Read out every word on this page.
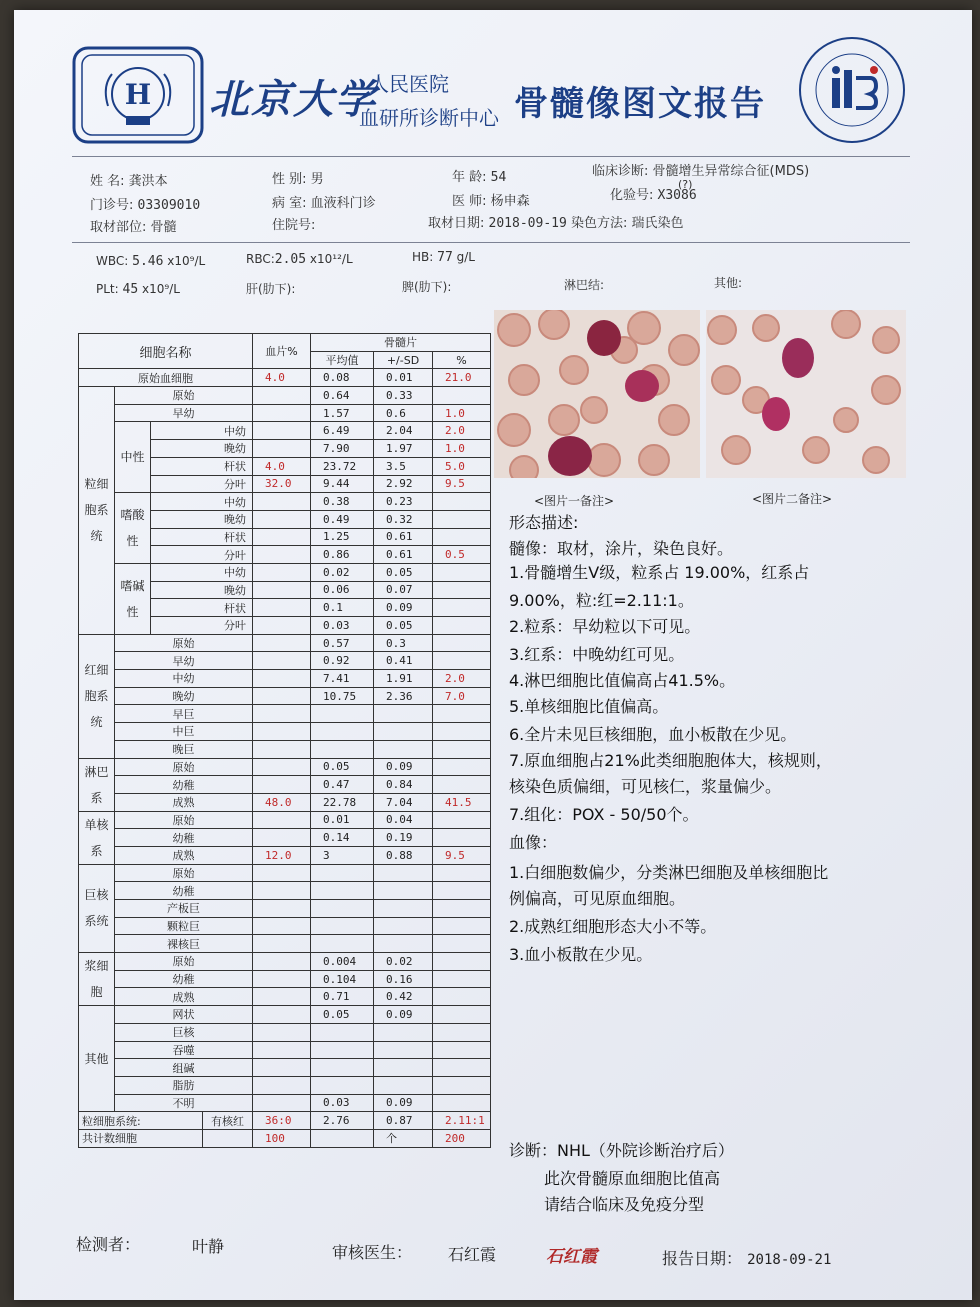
H 北京大学
人民医院
血研所诊断中心 骨髓像图文报告
姓 名: 龚洪本	性 别: 男	年 龄: 54	临床诊断: 骨髓增生异常综合征(MDS)
(?)
门诊号: 03309010	病 室: 血液科门诊	医 师: 杨申森	化验号: X3086
取材部位: 骨髓	住院号:	取材日期: 2018-09-19 染色方法: 瑞氏染色
WBC: 5.46 x10⁹/L	RBC:2.05 x10¹²/L	HB: 77 g/L
PLt: 45 x10⁹/L	肝(肋下):	脾(肋下):	淋巴结:	其他:
细胞名称				血片%	骨髓片		
					平均值	+/-SD	%
原始血细胞				4.0	0.08	0.01	21.0
粒细胞系统	原始				0.64	0.33	
	早幼				1.57	0.6	1.0
	中性	中幼			6.49	2.04	2.0
		晚幼			7.90	1.97	1.0
		杆状		4.0	23.72	3.5	5.0
		分叶		32.0	9.44	2.92	9.5
	嗜酸性	中幼			0.38	0.23	
		晚幼			0.49	0.32	
		杆状			1.25	0.61	
		分叶			0.86	0.61	0.5
	嗜碱性	中幼			0.02	0.05	
		晚幼			0.06	0.07	
		杆状			0.1	0.09	
		分叶			0.03	0.05	
红细胞系统	原始				0.57	0.3	
	早幼				0.92	0.41	
	中幼				7.41	1.91	2.0
	晚幼				10.75	2.36	7.0
	早巨						
	中巨						
	晚巨						
淋巴系	原始				0.05	0.09	
	幼稚				0.47	0.84	
	成熟			48.0	22.78	7.04	41.5
单核系	原始				0.01	0.04	
	幼稚				0.14	0.19	
	成熟			12.0	3	0.88	9.5
巨核系统	原始						
	幼稚						
	产板巨						
	颗粒巨						
	裸核巨						
浆细胞	原始				0.004	0.02	
	幼稚				0.104	0.16	
	成熟				0.71	0.42	
其他	网状				0.05	0.09	
	巨核						
	吞噬						
	组碱						
	脂肪						
	不明				0.03	0.09	
粒细胞系统:			有核红	36:0	2.76	0.87	2.11:1
共计数细胞				100		个	200
<图片一备注>	<图片二备注>
形态描述:
髓像：取材，涂片，染色良好。
1.骨髓增生Ⅴ级，粒系占 19.00%，红系占
9.00%，粒:红=2.11:1。
2.粒系：早幼粒以下可见。
3.红系：中晚幼红可见。
4.淋巴细胞比值偏高占41.5%。
5.单核细胞比值偏高。
6.全片未见巨核细胞，血小板散在少见。
7.原血细胞占21%此类细胞胞体大，核规则，
核染色质偏细，可见核仁，浆量偏少。
7.组化：POX - 50/50个。
血像：
1.白细胞数偏少，分类淋巴细胞及单核细胞比
例偏高，可见原血细胞。
2.成熟红细胞形态大小不等。
3.血小板散在少见。
诊断：NHL（外院诊断治疗后）
此次骨髓原血细胞比值高
请结合临床及免疫分型
检测者：	叶静	审核医生： 石红霞	石红霞	报告日期： 2018-09-21
